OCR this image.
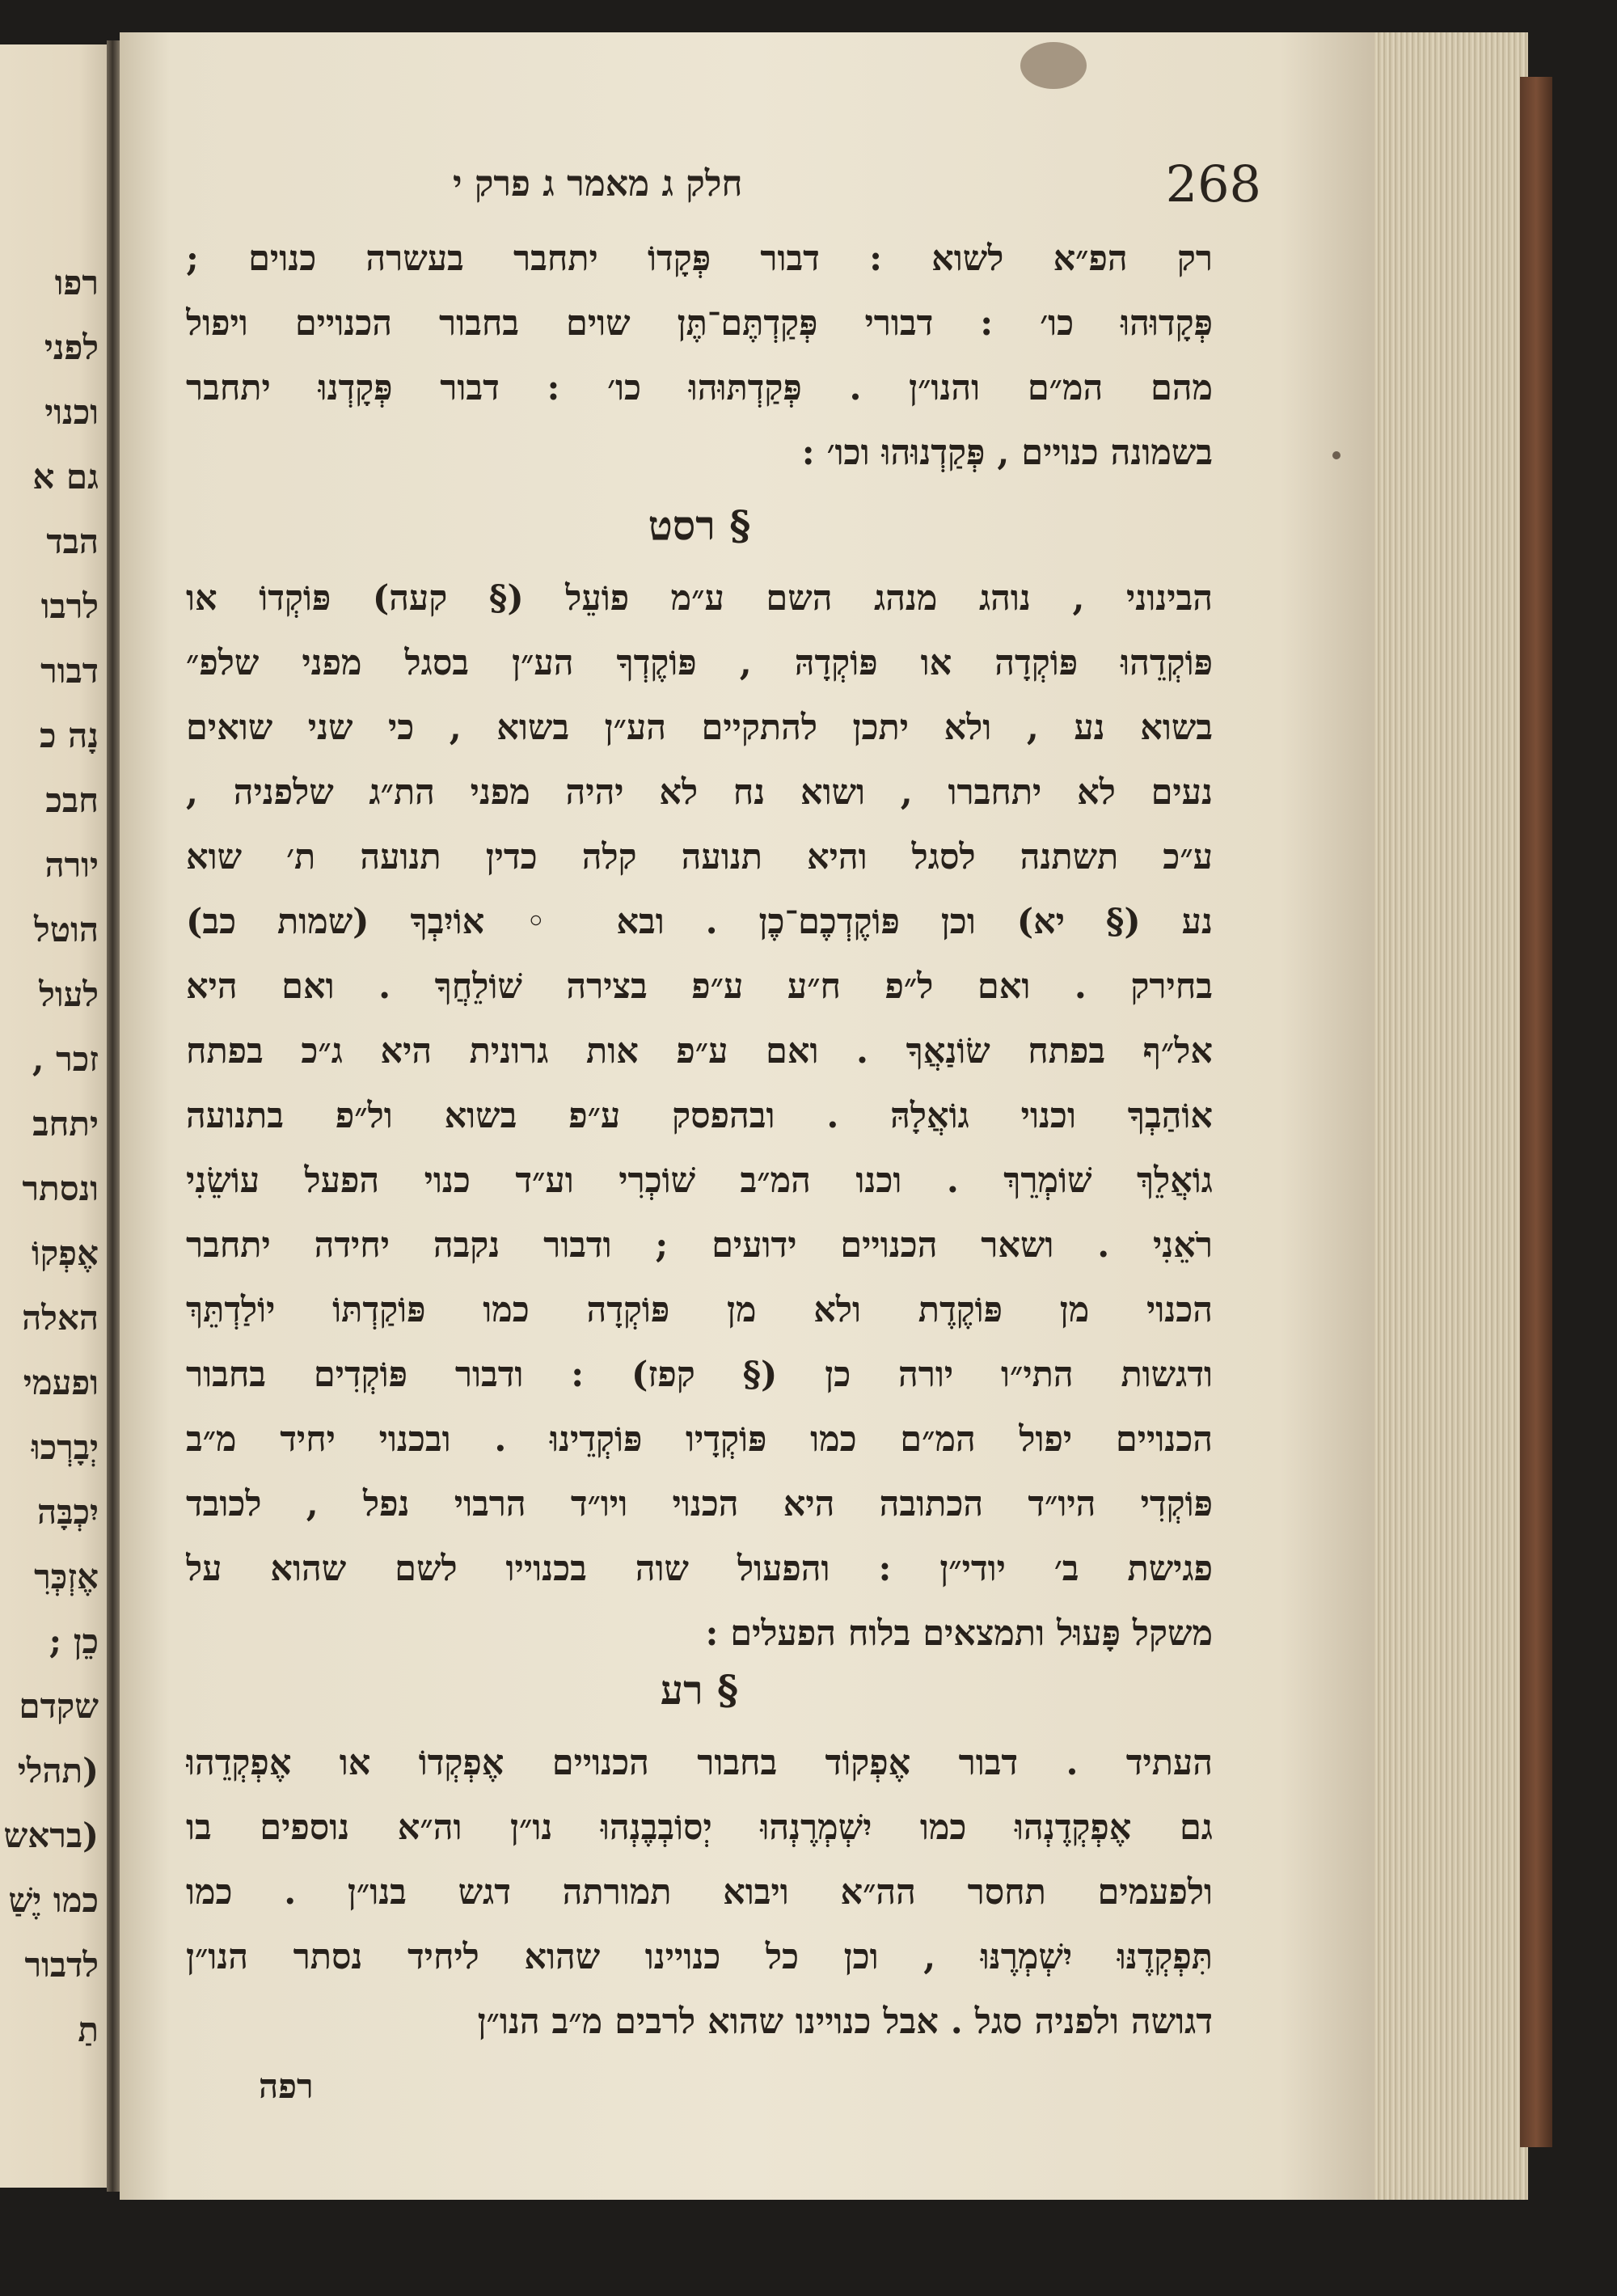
רפו
לפני
וכנוי
גם א
הבד
לרבו
דבור
נָה כ
חבכ
יורה
הוטל
לעול
זכר ,
יתחב
ונסתר
אֶפְקוֹ
האלה
ופעמי
יְבָרְכוּ
יִכְבָּה
אֶזְכְּרִ
כֵן ;
שקדם
(תהלי
(בראש
כמו יֶשַׁ
לדבור
תַ
חלק ג מאמר ג פרק י	268
רק הפ״א לשוא : דבור פְּקָדוֹ יתחבר בעשרה כנוים ;
פְּקָדוּהוּ כו׳ : דבורי פְּקַדְתֶּם־תֶּן שוים בחבור הכנויים ויפול
מהם המ״ם והנו״ן . פְּקַדְתּוּהוּ כו׳ : דבור פְּקָדְנוּ יתחבר
בשמונה כנויים , פְּקַדְנוּהוּ וכו׳ :
§ רסט
הבינוני , נוהג מנהג השם ע״מ פוֹעֵל (§ קעה) פּוֹקְדוֹ או
פּוֹקְדֵהוּ פּוֹקְדָה או פּוֹקְדָהּ , פּוֹקֶדְךָ הע״ן בסגל מפני שלפ״
בשוא נע , ולא יתכן להתקיים הע״ן בשוא , כי שני שואים
נעים לא יתחברו , ושוא נח לא יהיה מפני הת״ג שלפניה ,
ע״כ תשתנה לסגל והיא תנועה קלה כדין תנועה ת׳ שוא
נע (§ יא) וכן פּוֹקֶדְכֶם־כֶן . ובא ◦ אוֹיִבְךָ (שמות כב)
בחירק . ואם ל״פ ח״ע ע״פ בצירה שׁוֹלֵחֲךָ . ואם היא
אל״ף בפתח שׂוֹנַאֲךָ . ואם ע״פ אות גרונית היא ג״כ בפתח
אוֹהַבְךָ וכנוי גוֹאֲלָהּ . ובהפסק ע״פ בשוא ול״פ בתנועה
גוֹאֲלֵךְ שׁוֹמְרֵךְ . וכנו המ״ב שׁוֹכְרִי וע״ד כנוי הפעל עוֹשֵׂנִי
רֹאֵנִי . ושאר הכנויים ידועים ; ודבור נקבה יחידה יתחבר
הכנוי מן פּוֹקֶדֶת ולא מן פּוֹקְדָה כמו פּוֹקַדְתּוֹ יוֹלַדְתֵּךְ
ודגשות התי״ו יורה כן (§ קפז) : ודבור פּוֹקְדִים בחבור
הכנויים יפול המ״ם כמו פּוֹקְדָיו פּוֹקְדֵינוּ . ובכנוי יחיד מ״ב
פּוֹקְדִי היו״ד הכתובה היא הכנוי ויו״ד הרבוי נפל , לכובד
פגישת ב׳ יודי״ן : והפעול שוה בכנוייו לשם שהוא על
משקל פָּעוּל ותמצאים בלוח הפעלים :
§ רע
העתיד . דבור אֶפְקוֹד בחבור הכנויים אֶפְקְדוֹ או אֶפְקְדֵהוּ
גם אֶפְקְדֶנְהוּ כמו יִשְׁמְרֶנְהוּ יְסוֹבְבֶנְהוּ נו״ן וה״א נוספים בו
ולפעמים תחסר הה״א ויבוא תמורתה דגש בנו״ן . כמו
תִּפְקְדֶנּוּ יִשְׁמְרֶנּוּ , וכן כל כנויינו שהוא ליחיד נסתר הנו״ן
דגושה ולפניה סגל . אבל כנויינו שהוא לרבים מ״ב הנו״ן
רפה
